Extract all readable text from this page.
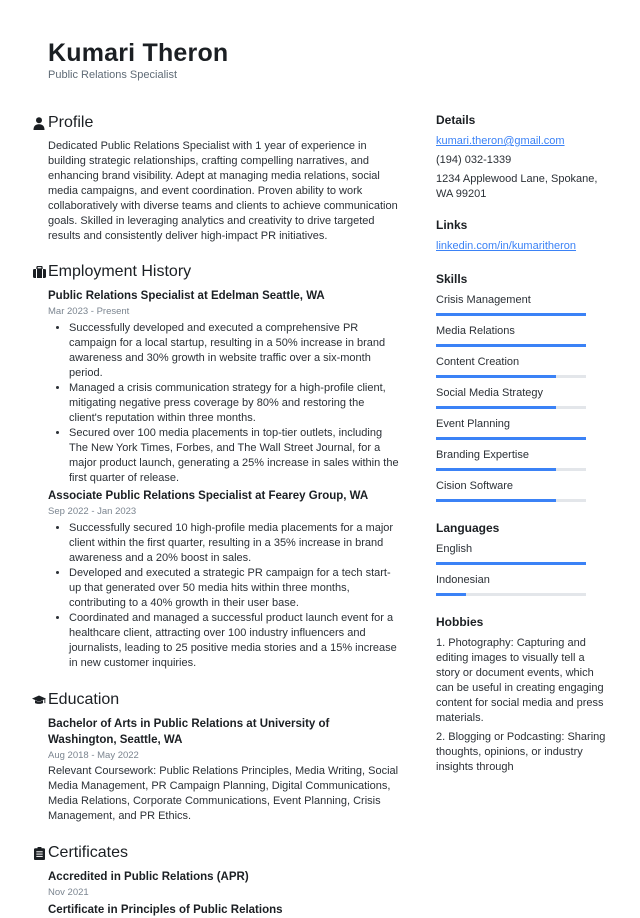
Kumari Theron
Public Relations Specialist
Profile
Dedicated Public Relations Specialist with 1 year of experience in building strategic relationships, crafting compelling narratives, and enhancing brand visibility. Adept at managing media relations, social media campaigns, and event coordination. Proven ability to work collaboratively with diverse teams and clients to achieve communication goals. Skilled in leveraging analytics and creativity to drive targeted results and consistently deliver high-impact PR initiatives.
Employment History
Public Relations Specialist at Edelman Seattle, WA
Mar 2023 - Present
• Successfully developed and executed a comprehensive PR campaign for a local startup, resulting in a 50% increase in brand awareness and 30% growth in website traffic over a six-month period.
• Managed a crisis communication strategy for a high-profile client, mitigating negative press coverage by 80% and restoring the client's reputation within three months.
• Secured over 100 media placements in top-tier outlets, including The New York Times, Forbes, and The Wall Street Journal, for a major product launch, generating a 25% increase in sales within the first quarter of release.
Associate Public Relations Specialist at Fearey Group, WA
Sep 2022 - Jan 2023
• Successfully secured 10 high-profile media placements for a major client within the first quarter, resulting in a 35% increase in brand awareness and a 20% boost in sales.
• Developed and executed a strategic PR campaign for a tech start-up that generated over 50 media hits within three months, contributing to a 40% growth in their user base.
• Coordinated and managed a successful product launch event for a healthcare client, attracting over 100 industry influencers and journalists, leading to 25 positive media stories and a 15% increase in new customer inquiries.
Education
Bachelor of Arts in Public Relations at University of Washington, Seattle, WA
Aug 2018 - May 2022
Relevant Coursework: Public Relations Principles, Media Writing, Social Media Management, PR Campaign Planning, Digital Communications, Media Relations, Corporate Communications, Event Planning, Crisis Management, and PR Ethics.
Certificates
Accredited in Public Relations (APR)
Nov 2021
Certificate in Principles of Public Relations
Details
kumari.theron@gmail.com
(194) 032-1339
1234 Applewood Lane, Spokane, WA 99201
Links
linkedin.com/in/kumaritheron
Skills
Crisis Management
Media Relations
Content Creation
Social Media Strategy
Event Planning
Branding Expertise
Cision Software
Languages
English
Indonesian
Hobbies
1. Photography: Capturing and editing images to visually tell a story or document events, which can be useful in creating engaging content for social media and press materials.
2. Blogging or Podcasting: Sharing thoughts, opinions, or industry insights through
